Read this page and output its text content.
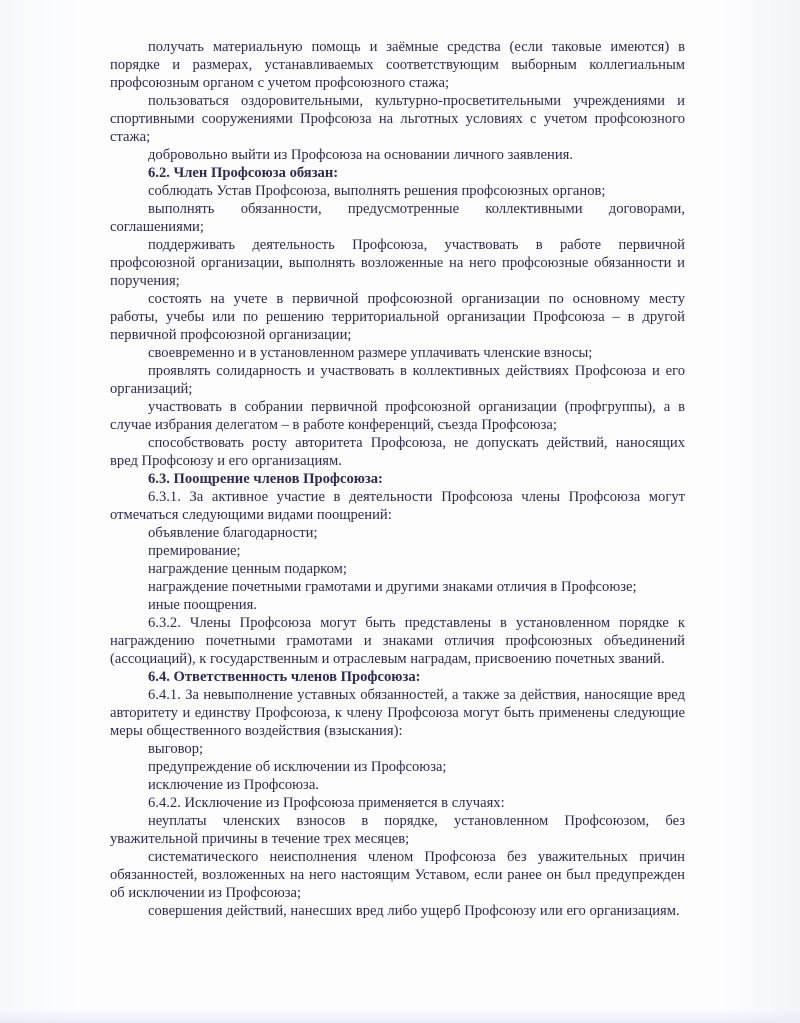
получать материальную помощь и заёмные средства (если таковые имеются) в порядке и размерах, устанавливаемых соответствующим выборным коллегиальным профсоюзным органом с учетом профсоюзного стажа;

пользоваться оздоровительными, культурно-просветительными учреждениями и спортивными сооружениями Профсоюза на льготных условиях с учетом профсоюзного стажа;

добровольно выйти из Профсоюза на основании личного заявления.

6.2. Член Профсоюза обязан:

соблюдать Устав Профсоюза, выполнять решения профсоюзных органов;

выполнять обязанности, предусмотренные коллективными договорами, соглашениями;

поддерживать деятельность Профсоюза, участвовать в работе первичной профсоюзной организации, выполнять возложенные на него профсоюзные обязанности и поручения;

состоять на учете в первичной профсоюзной организации по основному месту работы, учебы или по решению территориальной организации Профсоюза – в другой первичной профсоюзной организации;

своевременно и в установленном размере уплачивать членские взносы;

проявлять солидарность и участвовать в коллективных действиях Профсоюза и его организаций;

участвовать в собрании первичной профсоюзной организации (профгруппы), а в случае избрания делегатом – в работе конференций, съезда Профсоюза;

способствовать росту авторитета Профсоюза, не допускать действий, наносящих вред Профсоюзу и его организациям.

6.3. Поощрение членов Профсоюза:

6.3.1. За активное участие в деятельности Профсоюза члены Профсоюза могут отмечаться следующими видами поощрений:

объявление благодарности;

премирование;

награждение ценным подарком;

награждение почетными грамотами и другими знаками отличия в Профсоюзе;

иные поощрения.

6.3.2. Члены Профсоюза могут быть представлены в установленном порядке к награждению почетными грамотами и знаками отличия профсоюзных объединений (ассоциаций), к государственным и отраслевым наградам, присвоению почетных званий.

6.4. Ответственность членов Профсоюза:

6.4.1. За невыполнение уставных обязанностей, а также за действия, наносящие вред авторитету и единству Профсоюза, к члену Профсоюза могут быть применены следующие меры общественного воздействия (взыскания):

выговор;

предупреждение об исключении из Профсоюза;

исключение из Профсоюза.

6.4.2. Исключение из Профсоюза применяется в случаях:

неуплаты членских взносов в порядке, установленном Профсоюзом, без уважительной причины в течение трех месяцев;

систематического неисполнения членом Профсоюза без уважительных причин обязанностей, возложенных на него настоящим Уставом, если ранее он был предупрежден об исключении из Профсоюза;

совершения действий, нанесших вред либо ущерб Профсоюзу или его организациям.
